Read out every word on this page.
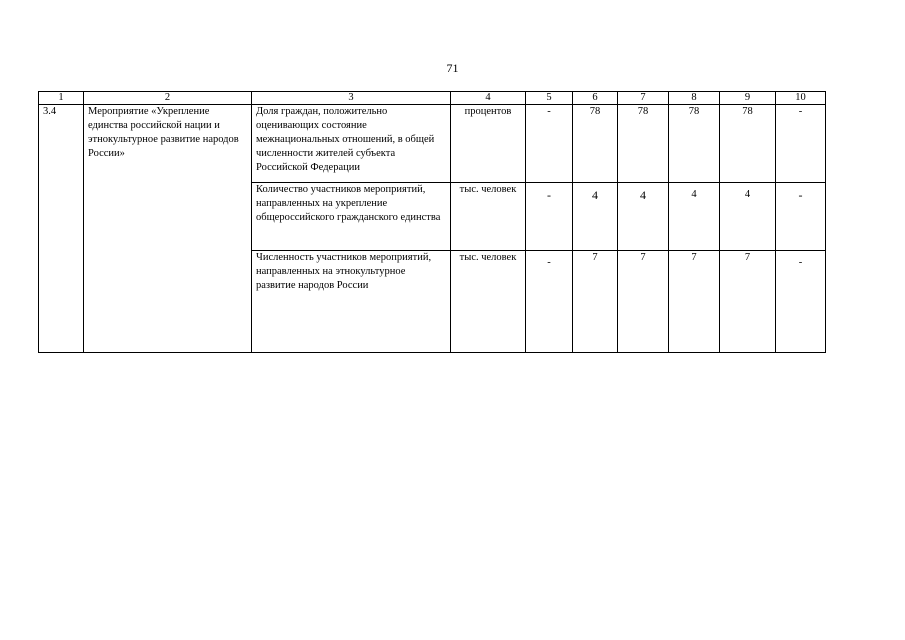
71
1	2	3	4	5	6	7	8	9	10
3.4	Мероприятие «Укрепление единства российской нации и этнокультурное развитие народов России»	Доля граждан, положительно оценивающих состояние межнациональных отношений, в общей численности жителей субъекта Российской Федерации	процентов	-	78	78	78	78	-
		Количество участников мероприятий, направленных на укрепление общероссийского гражданского единства	тыс. человек	-	4	4	4	4	-
		Численность участников мероприятий, направленных на этнокультурное развитие народов России	тыс. человек	-	7	7	7	7	-
